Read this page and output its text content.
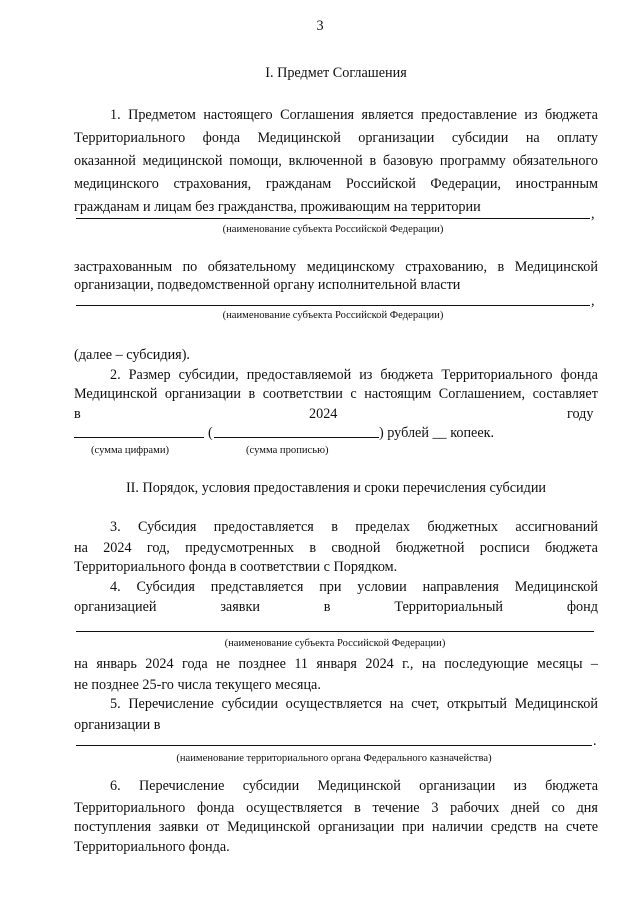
3
I. Предмет Соглашения
1. Предметом настоящего Соглашения является предоставление из бюджета
Территориального фонда Медицинской организации субсидии на оплату
оказанной медицинской помощи, включенной в базовую программу обязательного
медицинского страхования, гражданам Российской Федерации, иностранным
гражданам и лицам без гражданства, проживающим на территории	,
(наименование субъекта Российской Федерации)
застрахованным по обязательному медицинскому страхованию, в Медицинской
организации, подведомственной органу исполнительной власти
,
(наименование субъекта Российской Федерации)
(далее – субсидия).
2. Размер субсидии, предоставляемой из бюджета Территориального фонда
Медицинской организации в соответствии с настоящим Соглашением, составляет
в	2024	году
(	) рублей __ копеек.
(сумма цифрами)	(сумма прописью)
II. Порядок, условия предоставления и сроки перечисления субсидии
3. Субсидия предоставляется в пределах бюджетных ассигнований
на 2024 год, предусмотренных в сводной бюджетной росписи бюджета
Территориального фонда в соответствии с Порядком.
4. Субсидия представляется при условии направления Медицинской
организацией	заявки	в	Территориальный	фонд
(наименование субъекта Российской Федерации)
на январь 2024 года не позднее 11 января 2024 г., на последующие месяцы –
не позднее 25-го числа текущего месяца.
5. Перечисление субсидии осуществляется на счет, открытый Медицинской
организации в
.
(наименование территориального органа Федерального казначейства)
6. Перечисление субсидии Медицинской организации из бюджета
Территориального фонда осуществляется в течение 3 рабочих дней со дня
поступления заявки от Медицинской организации при наличии средств на счете
Территориального фонда.
